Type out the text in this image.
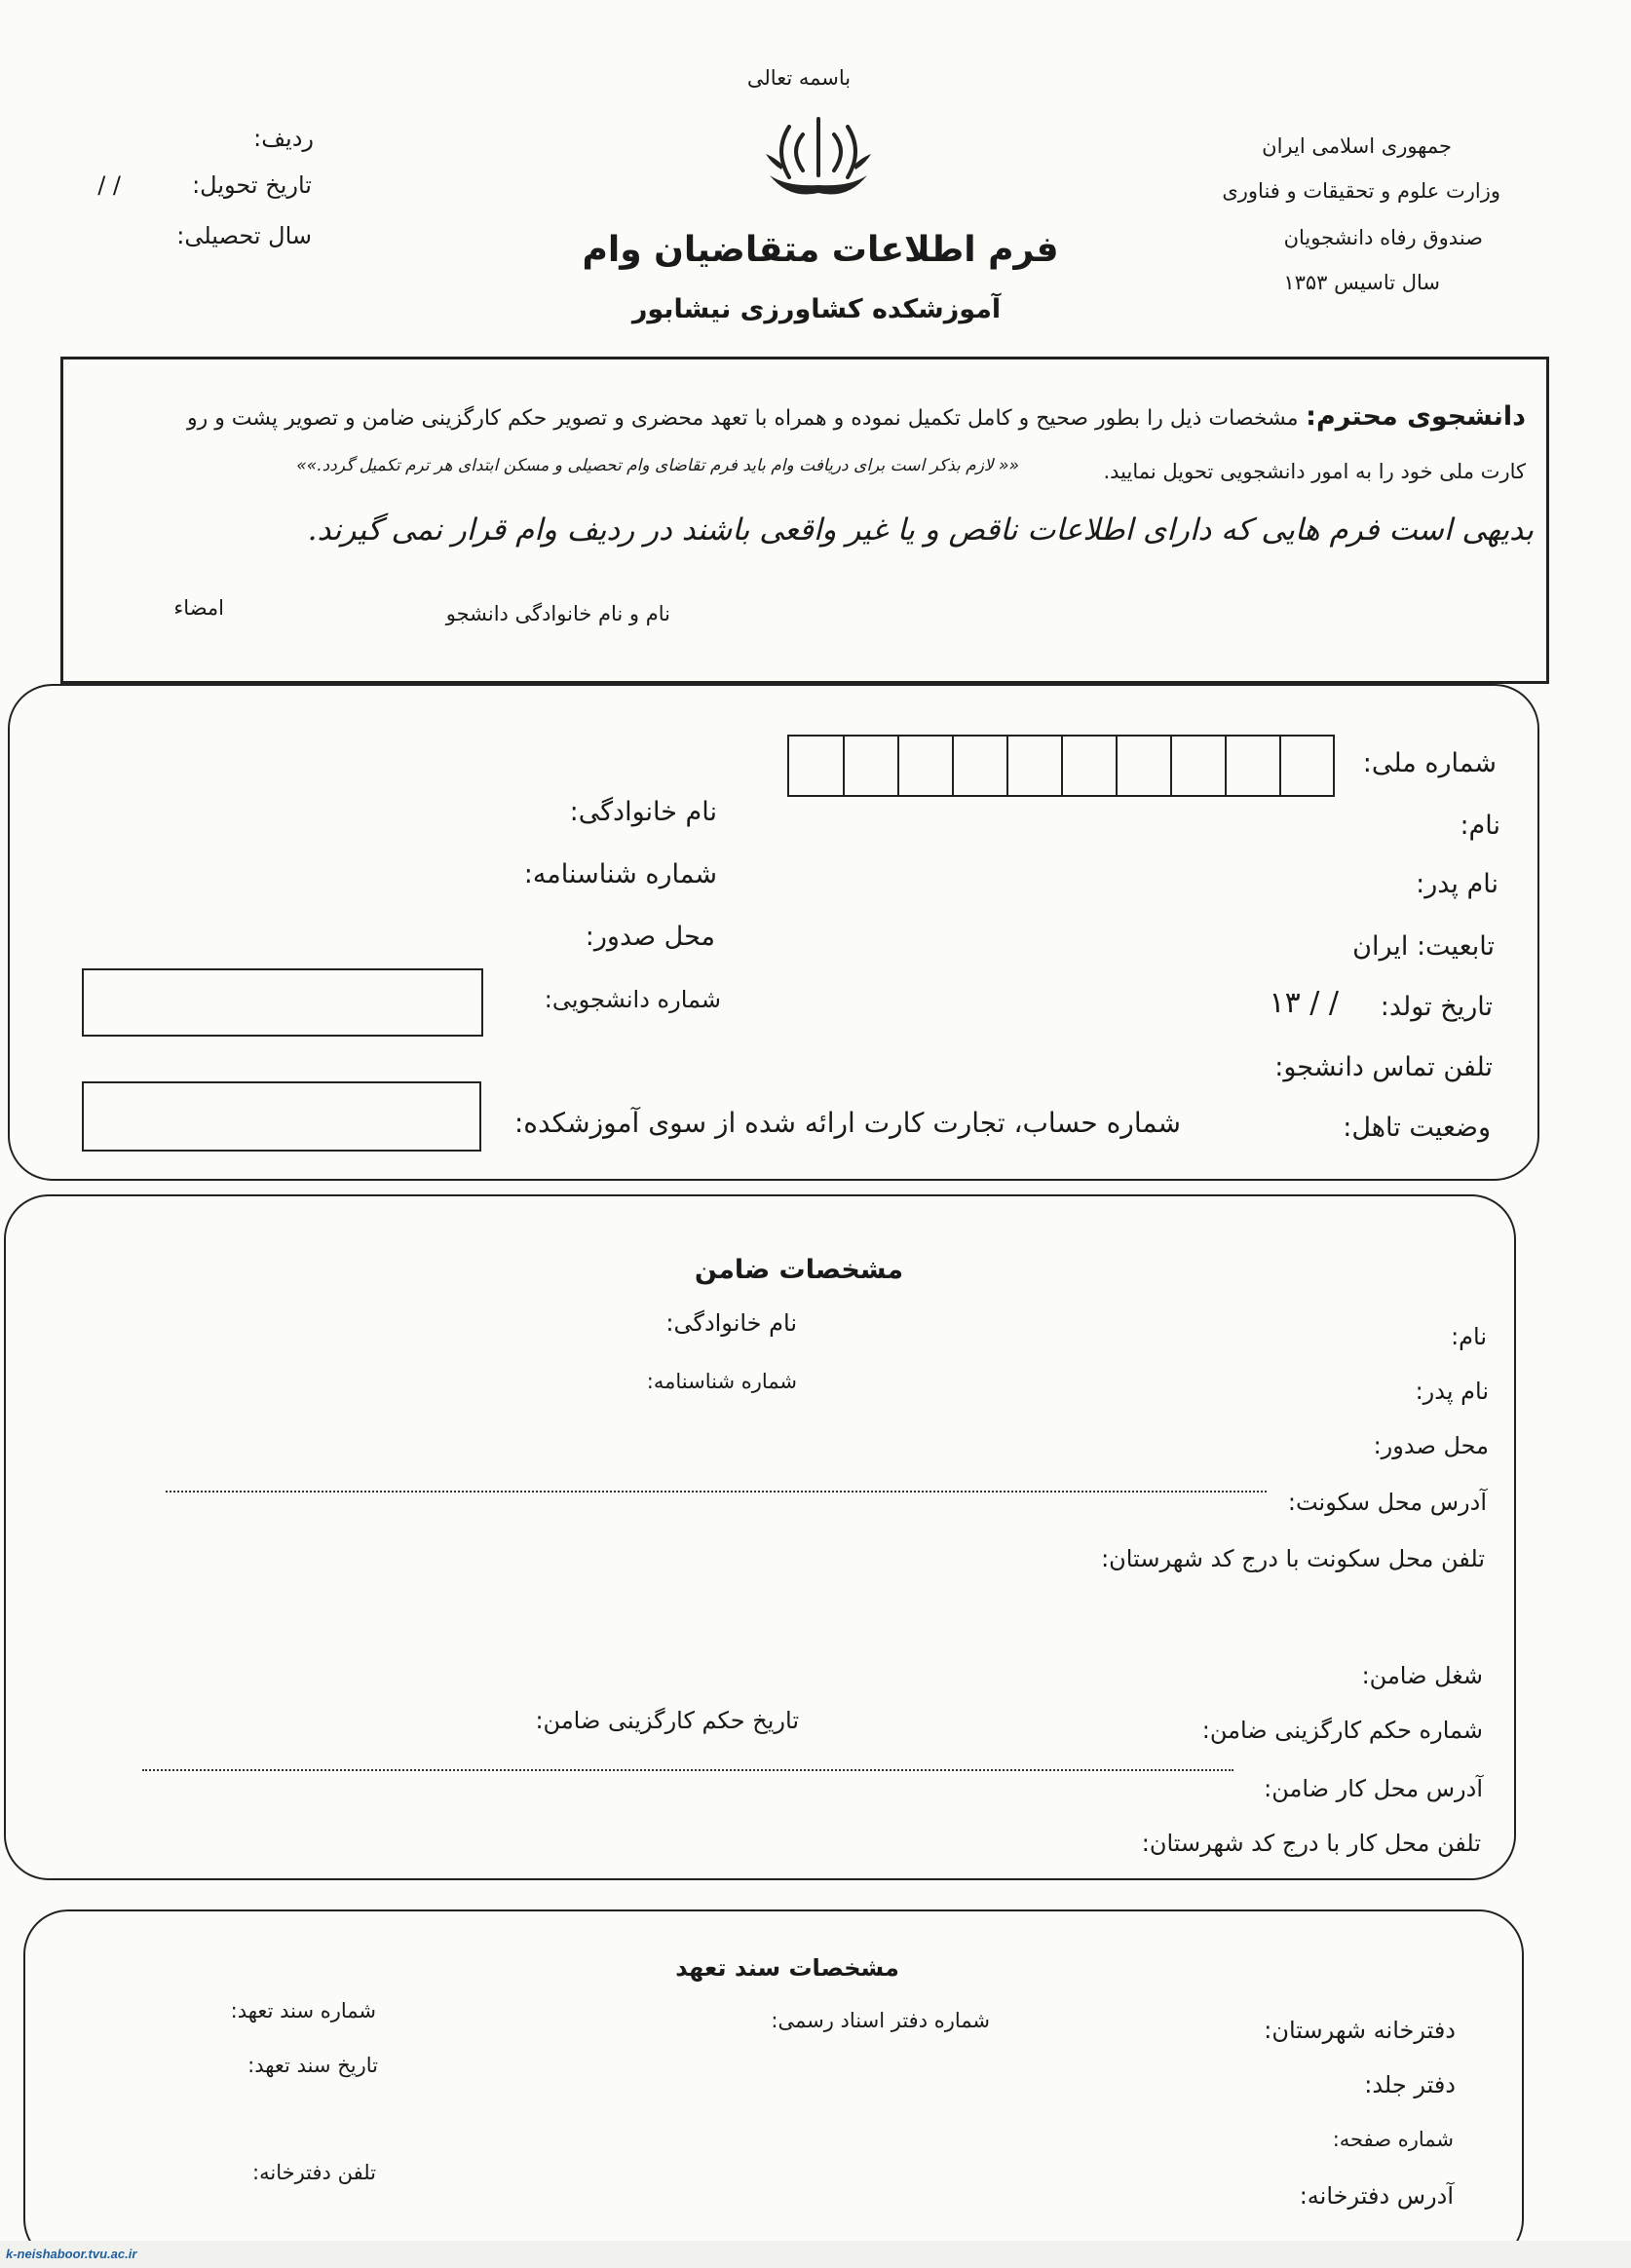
باسمه تعالی
ردیف:
تاریخ تحویل:
/ /
سال تحصیلی:
جمهوری اسلامی ایران
وزارت علوم و تحقیقات و فناوری
صندوق رفاه دانشجویان
سال تاسیس ۱۳۵۳
فرم اطلاعات متقاضیان وام
آموزشکده کشاورزی نیشابور
دانشجوی محترم: مشخصات ذیل را بطور صحیح و کامل تکمیل نموده و همراه با تعهد محضری و تصویر حکم کارگزینی ضامن و تصویر پشت و رو
کارت ملی خود را به امور دانشجویی تحویل نمایید.
«« لازم بذکر است برای دریافت وام باید فرم تقاضای وام تحصیلی و مسکن ابتدای هر ترم تکمیل گردد.»»
بدیهی است فرم هایی که دارای اطلاعات ناقص و یا غیر واقعی باشند در ردیف وام قرار نمی گیرند.
نام و نام خانوادگی دانشجو
امضاء
شماره ملی:
نام:
نام خانوادگی:
نام پدر:
شماره شناسنامه:
تابعیت: ایران
محل صدور:
تاریخ تولد:
۱۳ / /
شماره دانشجویی:
تلفن تماس دانشجو:
وضعیت تاهل:
شماره حساب، تجارت کارت ارائه شده از سوی آموزشکده:
مشخصات ضامن
نام:
نام خانوادگی:
نام پدر:
شماره شناسنامه:
محل صدور:
آدرس محل سکونت:
تلفن محل سکونت با درج کد شهرستان:
شغل ضامن:
شماره حکم کارگزینی ضامن:
تاریخ حکم کارگزینی ضامن:
آدرس محل کار ضامن:
تلفن محل کار با درج کد شهرستان:
مشخصات سند تعهد
دفترخانه شهرستان:
شماره دفتر اسناد رسمی:
شماره سند تعهد:
دفتر جلد:
تاریخ سند تعهد:
شماره صفحه:
تلفن دفترخانه:
آدرس دفترخانه:
k-neishaboor.tvu.ac.ir
